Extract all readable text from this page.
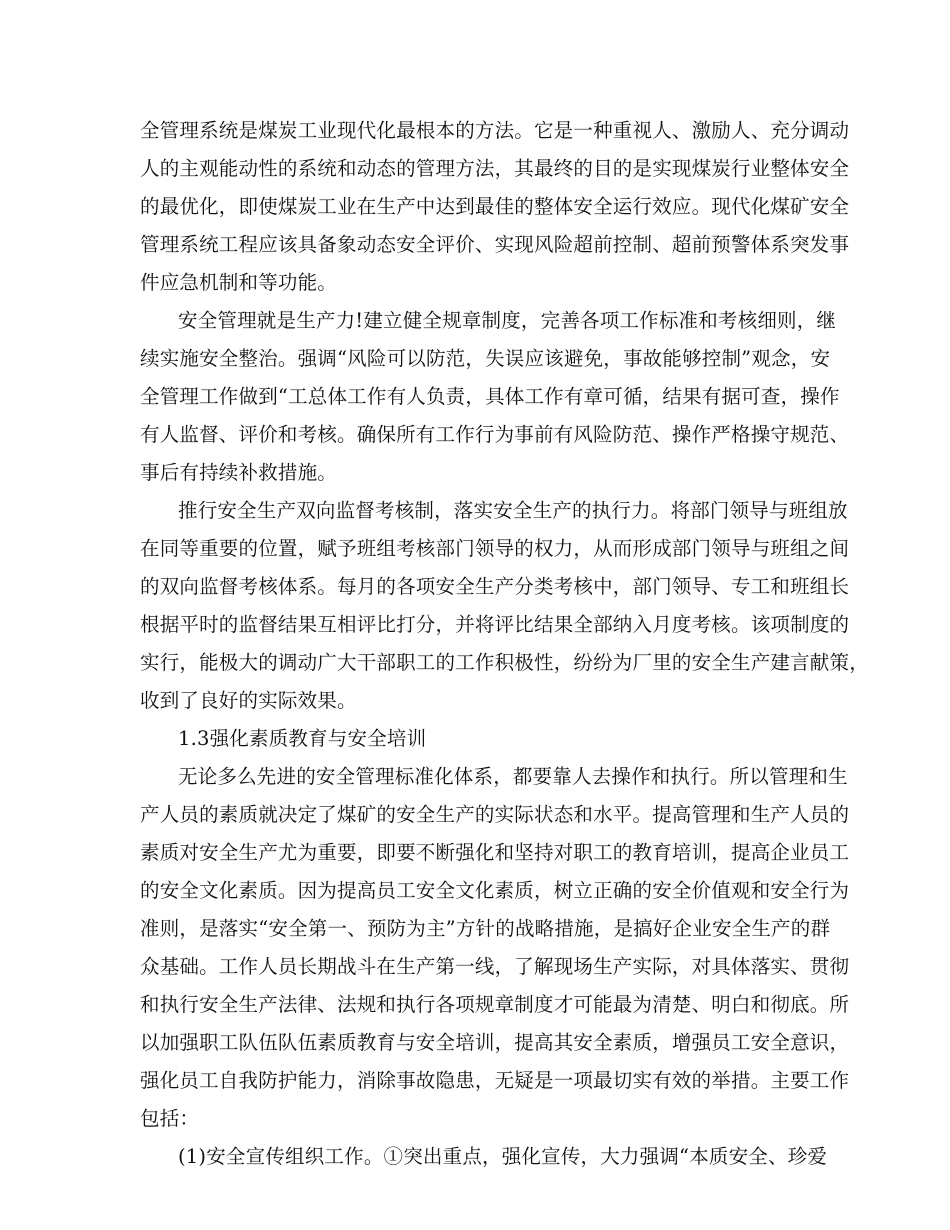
全管理系统是煤炭工业现代化最根本的方法。它是一种重视人、激励人、充分调动
人的主观能动性的系统和动态的管理方法，其最终的目的是实现煤炭行业整体安全
的最优化，即使煤炭工业在生产中达到最佳的整体安全运行效应。现代化煤矿安全
管理系统工程应该具备象动态安全评价、实现风险超前控制、超前预警体系突发事
件应急机制和等功能。
安全管理就是生产力!建立健全规章制度，完善各项工作标准和考核细则，继
续实施安全整治。强调“风险可以防范，失误应该避免，事故能够控制”观念，安
全管理工作做到“工总体工作有人负责，具体工作有章可循，结果有据可查，操作
有人监督、评价和考核。确保所有工作行为事前有风险防范、操作严格操守规范、
事后有持续补救措施。
推行安全生产双向监督考核制，落实安全生产的执行力。将部门领导与班组放
在同等重要的位置，赋予班组考核部门领导的权力，从而形成部门领导与班组之间
的双向监督考核体系。每月的各项安全生产分类考核中，部门领导、专工和班组长
根据平时的监督结果互相评比打分，并将评比结果全部纳入月度考核。该项制度的
实行，能极大的调动广大干部职工的工作积极性，纷纷为厂里的安全生产建言献策，
收到了良好的实际效果。
1.3强化素质教育与安全培训
无论多么先进的安全管理标准化体系，都要靠人去操作和执行。所以管理和生
产人员的素质就决定了煤矿的安全生产的实际状态和水平。提高管理和生产人员的
素质对安全生产尤为重要，即要不断强化和坚持对职工的教育培训，提高企业员工
的安全文化素质。因为提高员工安全文化素质，树立正确的安全价值观和安全行为
准则，是落实“安全第一、预防为主”方针的战略措施，是搞好企业安全生产的群
众基础。工作人员长期战斗在生产第一线，了解现场生产实际，对具体落实、贯彻
和执行安全生产法律、法规和执行各项规章制度才可能最为清楚、明白和彻底。所
以加强职工队伍队伍素质教育与安全培训，提高其安全素质，增强员工安全意识，
强化员工自我防护能力，消除事故隐患，无疑是一项最切实有效的举措。主要工作
包括：
(1)安全宣传组织工作。①突出重点，强化宣传，大力强调“本质安全、珍爱
